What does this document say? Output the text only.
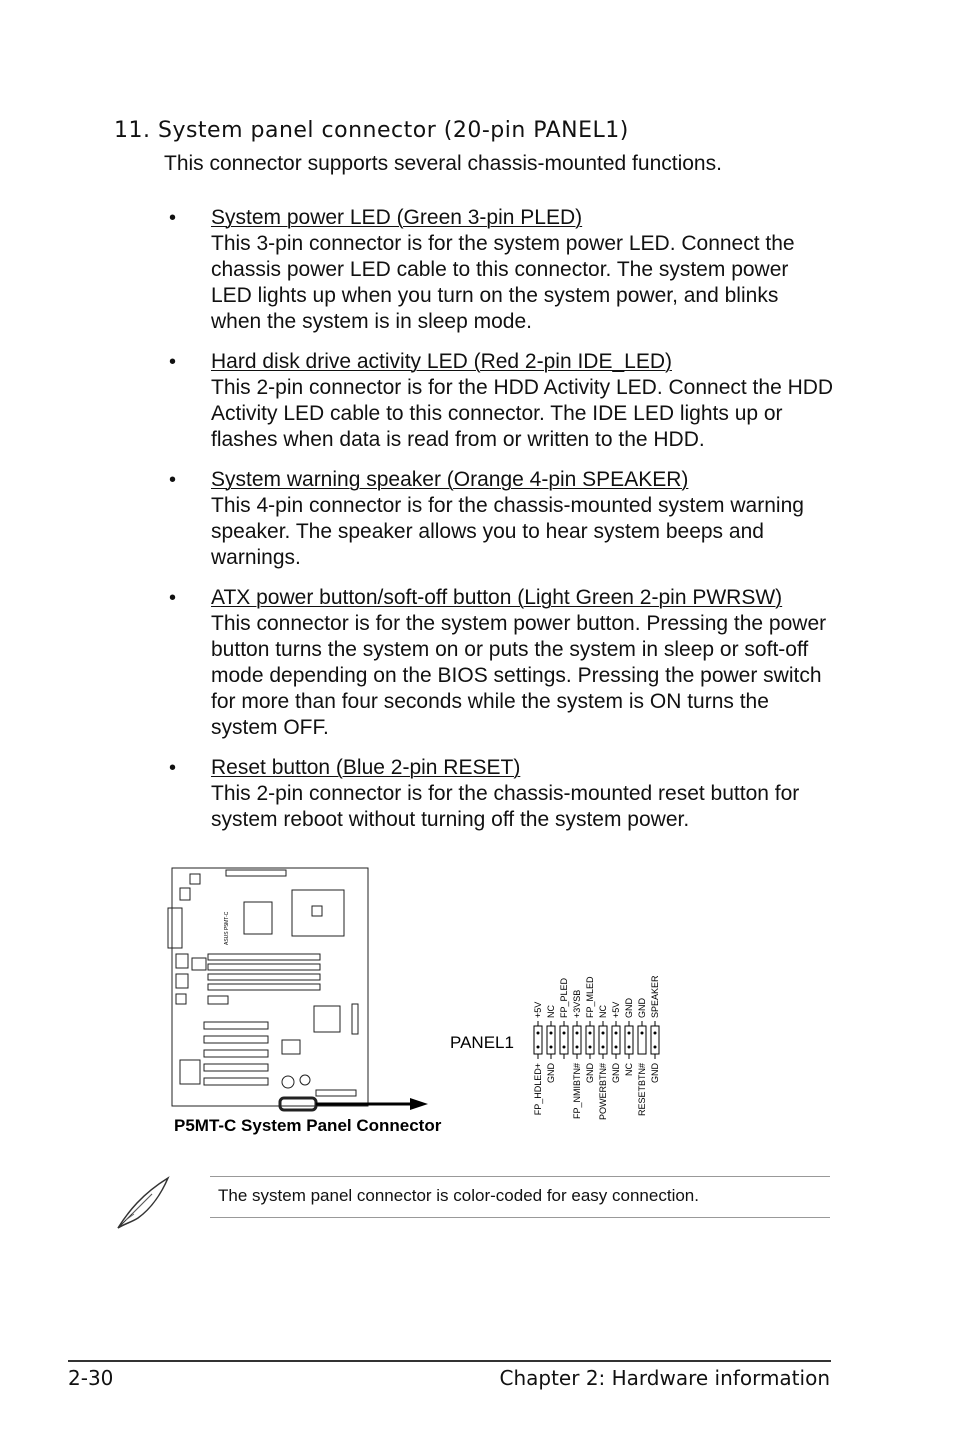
11. System panel connector (20-pin PANEL1)
This connector supports several chassis-mounted functions.
• System power LED (Green 3-pin PLED)
This 3-pin connector is for the system power LED. Connect the chassis power LED cable to this connector. The system power LED lights up when you turn on the system power, and blinks when the system is in sleep mode.
• Hard disk drive activity LED (Red 2-pin IDE_LED)
This 2-pin connector is for the HDD Activity LED. Connect the HDD Activity LED cable to this connector. The IDE LED lights up or flashes when data is read from or written to the HDD.
• System warning speaker (Orange 4-pin SPEAKER)
This 4-pin connector is for the chassis-mounted system warning speaker. The speaker allows you to hear system beeps and warnings.
• ATX power button/soft-off button (Light Green 2-pin PWRSW)
This connector is for the system power button. Pressing the power button turns the system on or puts the system in sleep or soft-off mode depending on the BIOS settings. Pressing the power switch for more than four seconds while the system is ON turns the system OFF.
• Reset button (Blue 2-pin RESET)
This 2-pin connector is for the chassis-mounted reset button for system reboot without turning off the system power.
ASUS P5MT-C
P5MT-C System Panel Connector
PANEL1
+5V NC FP_PLED +3VSB FP_MLED NC +5V GND GND SPEAKER
FP_HDLED+ GND FP_NMIBTN# GND POWERBTN# GND NC RESETBTN# GND
The system panel connector is color-coded for easy connection.
2-30	Chapter 2: Hardware information
